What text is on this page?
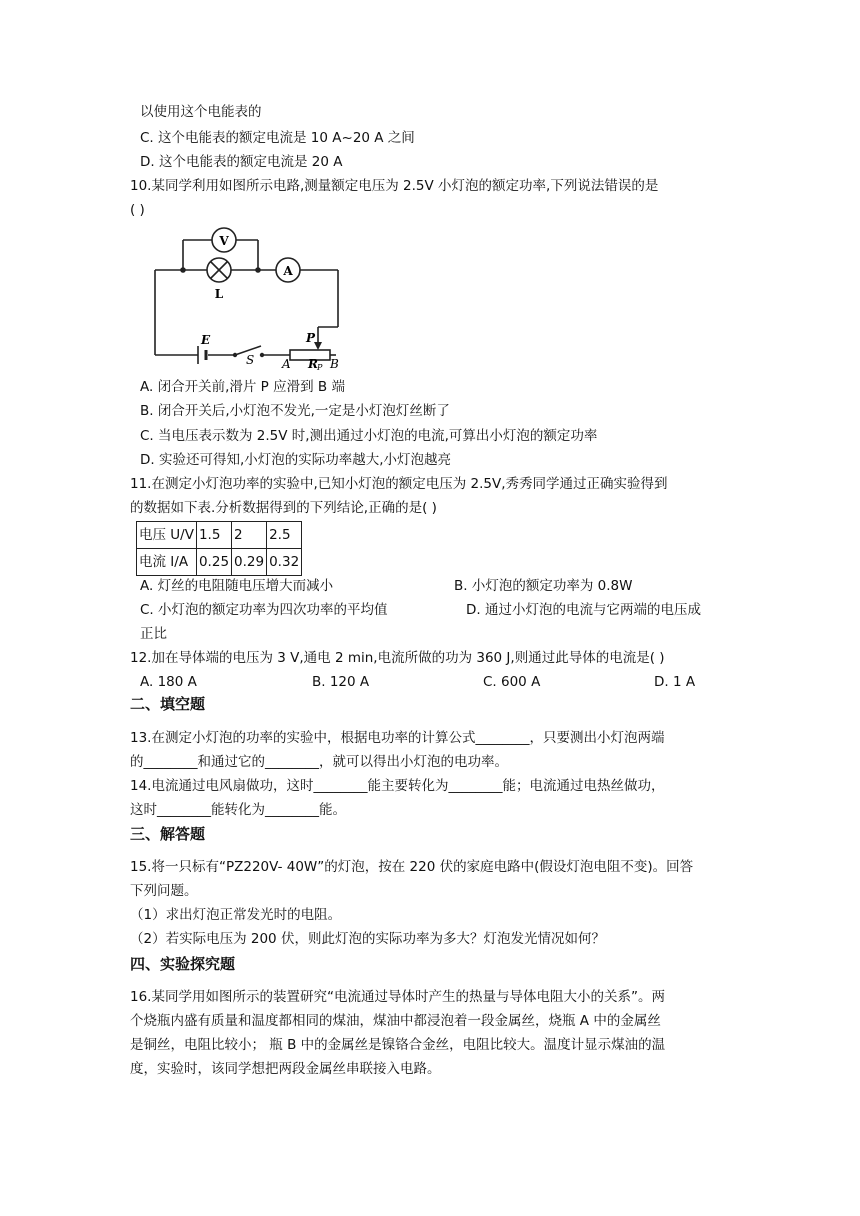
以使用这个电能表的
C. 这个电能表的额定电流是 10 A~20 A 之间
D. 这个电能表的额定电流是 20 A
10.某同学利用如图所示电路,测量额定电压为 2.5V 小灯泡的额定功率,下列说法错误的是
( )
V
A
L
E
S
P
A R P B
A. 闭合开关前,滑片 P 应滑到 B 端
B. 闭合开关后,小灯泡不发光,一定是小灯泡灯丝断了
C. 当电压表示数为 2.5V 时,测出通过小灯泡的电流,可算出小灯泡的额定功率
D. 实验还可得知,小灯泡的实际功率越大,小灯泡越亮
11.在测定小灯泡功率的实验中,已知小灯泡的额定电压为 2.5V,秀秀同学通过正确实验得到
的数据如下表.分析数据得到的下列结论,正确的是( )
电压 U/V	1.5	2	2.5
电流 I/A	0.25	0.29	0.32
A. 灯丝的电阻随电压增大而减小	B. 小灯泡的额定功率为 0.8W
C. 小灯泡的额定功率为四次功率的平均值	D. 通过小灯泡的电流与它两端的电压成
正比
12.加在导体端的电压为 3 V,通电 2 min,电流所做的功为 360 J,则通过此导体的电流是( )
A. 180 A	B. 120 A	C. 600 A	D. 1 A
二、填空题
13.在测定小灯泡的功率的实验中，根据电功率的计算公式________，只要测出小灯泡两端
的________和通过它的________，就可以得出小灯泡的电功率。
14.电流通过电风扇做功，这时________能主要转化为________能；电流通过电热丝做功，
这时________能转化为________能。
三、解答题
15.将一只标有“PZ220V- 40W”的灯泡，按在 220 伏的家庭电路中(假设灯泡电阻不变)。回答
下列问题。
（1）求出灯泡正常发光时的电阻。
（2）若实际电压为 200 伏，则此灯泡的实际功率为多大？灯泡发光情况如何？
四、实验探究题
16.某同学用如图所示的装置研究“电流通过导体时产生的热量与导体电阻大小的关系”。两
个烧瓶内盛有质量和温度都相同的煤油，煤油中都浸泡着一段金属丝，烧瓶 A 中的金属丝
是铜丝，电阻比较小； 瓶 B 中的金属丝是镍铬合金丝，电阻比较大。温度计显示煤油的温
度，实验时，该同学想把两段金属丝串联接入电路。
